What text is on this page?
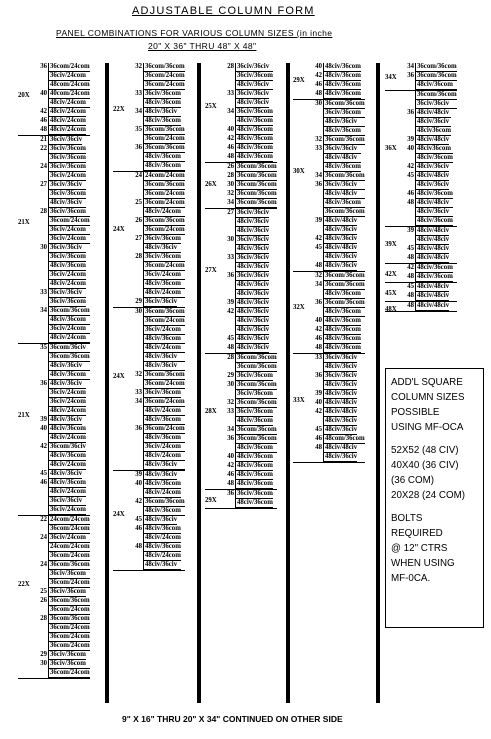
ADJUSTABLE COLUMN FORM
PANEL COMBINATIONS FOR VARIOUS COLUMN SIZES (in inche
20" X 36" THRU 48" X 48"
20X
36 36com/24com
36civ/24com
48com/24com
40 40com/24com
48civ/24com
42 48civ/24com
46 48civ/24com
48 48civ/24com
21X
21 36civ/36civ
22 36civ/36com
36civ/36com
24 36civ/36com
36civ/24com
27 36civ/36civ
36civ/36com
48civ/36civ
28 36civ/36com
36com/24com
36civ/24com
36civ/24com
30 36civ/36civ
36civ/36com
48civ/36com
36civ/24com
48civ/24com
33 36civ/36civ
36civ/36com
34 36com/36com
48civ/36com
36civ/24com
48civ/24com
21X
35 36com/36civ
36com/36com
48civ/36civ
48civ/36com
36 48civ/36civ
36civ/24com
36civ/24com
48civ/24com
39 48civ/36civ
40 48civ/36com
48civ/24com
42 36com/36civ
48civ/36com
48civ/24com
45 48civ/36civ
46 48civ/36com
48civ/24com
36civ/36civ
36civ/24com
22X
22 24com/24com
36com/24com
24 36civ/24com
24com/24com
36com/24com
24 36com/36com
36civ/36com
36com/24com
25 36civ/36com
26 36com/36com
36com/24com
28 36com/36com
36com/24com
36com/24com
36com/24com
29 36civ/36com
30 36civ/36com
36com/24com
22X
32 36com/36com
36com/24com
36com/24com
33 36civ/36com
48civ/36com
34 48civ/36civ
48civ/36com
35 36com/36com
36com/24com
36 36com/36com
48civ/36com
48civ/36com
24X
24 24com/24com
36com/36com
36com/24com
25 36com/24com
48civ/24com
26 36com/36com
36com/24com
27 36civ/36com
48civ/36civ
28 36civ/36com
36com/24com
36civ/24com
48civ/36com
48civ/24com
29 36civ/36civ
24X
30 36com/36com
36com/24com
36civ/24com
48civ/36com
48civ/24com
48civ/36civ
48civ/36civ
32 36com/36com
36com/24com
33 36civ/36com
34 36com/24com
48civ/24com
48civ/36com
36 36com/24com
48civ/36com
36civ/24com
48civ/24com
48civ/36civ
24X
39 48civ/36civ
40 48civ/36com
48civ/24com
42 36com/36com
48civ/36com
45 48civ/36civ
46 48civ/36com
48civ/24com
48 48civ/36com
48civ/24com
48civ/36civ
25X
28 36civ/36civ
36civ/36com
48civ/36civ
33 36civ/36civ
48civ/36civ
34 36civ/36com
48civ/36com
40 48civ/36com
42 48civ/36com
46 48civ/36com
48 48civ/36com
26X
26 36com/36com
28 36com/36com
30 36com/36com
32 36com/36com
34 36com/36com
27X
27 36civ/36civ
48civ/36civ
48civ/36civ
30 36civ/36civ
48civ/36civ
33 36civ/36civ
48civ/36civ
36 36civ/36civ
48civ/36civ
48civ/36civ
39 48civ/36civ
42 48civ/36civ
48civ/36civ
48civ/36civ
45 48civ/36civ
48 48civ/36civ
28X
28 36com/36com
36com/36com
29 36civ/36com
30 36com/36com
36civ/36com
32 36com/36com
33 36civ/36com
48civ/36com
34 36com/36com
36 36com/36com
48civ/36com
40 48civ/36com
42 48civ/36com
46 48civ/36com
48 48civ/36com
29X
36 36civ/36com
48civ/36com
29X
40 48civ/36com
42 48civ/36com
46 48civ/36com
48 48civ/36com
30X
30 36com/36com
36civ/36com
48civ/36civ
48civ/36com
32 36com/36com
33 36civ/36civ
48civ/48civ
48civ/36com
34 36com/36com
36 36civ/36civ
48civ/48civ
48civ/36com
36com/36com
39 48civ/48civ
48civ/36civ
42 48civ/36civ
45 48civ/48civ
48civ/36civ
48 48civ/36civ
32X
32 36com/36com
34 36com/36com
48civ/36com
36 36com/36com
48civ/36com
40 48civ/36com
42 48civ/36com
46 48civ/36com
48 48civ/36com
33X
33 36civ/36civ
48civ/36civ
36 36civ/36civ
48civ/36civ
39 48civ/36civ
40 48civ/48civ
42 48civ/48civ
48civ/36civ
45 48civ/36civ
46 48com/36com
48 48civ/48civ
48civ/36civ
34X
34 36com/36com
36 36com/36com
48civ/36com
36X
36com/36com
36civ/36civ
36 48civ/48civ
48civ/36civ
48civ36com
39 48civ/48civ
40 48civ36com
48civ/36com
42 48civ/36civ
45 48civ/48civ
48civ/36civ
46 48civ/36com
48 48civ/48civ
48civ/36civ
48civ/36com
39X
39 48civ/48civ
48civ/48civ
45 48civ/48civ
48 48civ/48civ
42X
42 48civ/36com
48 48civ/36com
45X
45 48civ/48civ
48 48civ/48civ
48X
48 48civ/48civ
ADD'L SQUARE
COLUMN SIZES
POSSIBLE
USING MF-OCA
52X52 (48 CIV)
40X40 (36 CIV)
(36 COM)
20X28 (24 COM)
BOLTS
REQUIRED
@ 12" CTRS
WHEN USING
MF-0CA.
9" X 16" THRU 20" X 34" CONTINUED ON OTHER SIDE
